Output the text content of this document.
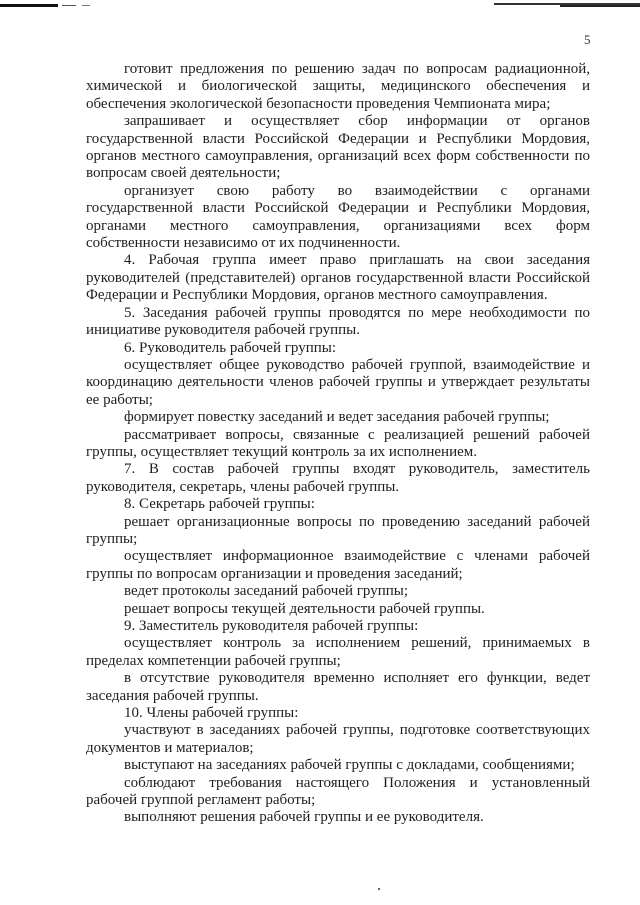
5
готовит предложения по решению задач по вопросам радиационной,
химической и биологической защиты, медицинского обеспечения и
обеспечения экологической безопасности проведения Чемпионата мира;
запрашивает и осуществляет сбор информации от органов
государственной власти Российской Федерации и Республики Мордовия,
органов местного самоуправления, организаций всех форм собственности по
вопросам своей деятельности;
организует свою работу во взаимодействии с органами
государственной власти Российской Федерации и Республики Мордовия,
органами местного самоуправления, организациями всех форм
собственности независимо от их подчиненности.
4. Рабочая группа имеет право приглашать на свои заседания
руководителей (представителей) органов государственной власти Российской
Федерации и Республики Мордовия, органов местного самоуправления.
5. Заседания рабочей группы проводятся по мере необходимости по
инициативе руководителя рабочей группы.
6. Руководитель рабочей группы:
осуществляет общее руководство рабочей группой, взаимодействие и
координацию деятельности членов рабочей группы и утверждает результаты
ее работы;
формирует повестку заседаний и ведет заседания рабочей группы;
рассматривает вопросы, связанные с реализацией решений рабочей
группы, осуществляет текущий контроль за их исполнением.
7. В состав рабочей группы входят руководитель, заместитель
руководителя, секретарь, члены рабочей группы.
8. Секретарь рабочей группы:
решает организационные вопросы по проведению заседаний рабочей
группы;
осуществляет информационное взаимодействие с членами рабочей
группы по вопросам организации и проведения заседаний;
ведет протоколы заседаний рабочей группы;
решает вопросы текущей деятельности рабочей группы.
9. Заместитель руководителя рабочей группы:
осуществляет контроль за исполнением решений, принимаемых в
пределах компетенции рабочей группы;
в отсутствие руководителя временно исполняет его функции, ведет
заседания рабочей группы.
10. Члены рабочей группы:
участвуют в заседаниях рабочей группы, подготовке соответствующих
документов и материалов;
выступают на заседаниях рабочей группы с докладами, сообщениями;
соблюдают требования настоящего Положения и установленный
рабочей группой регламент работы;
выполняют решения рабочей группы и ее руководителя.
